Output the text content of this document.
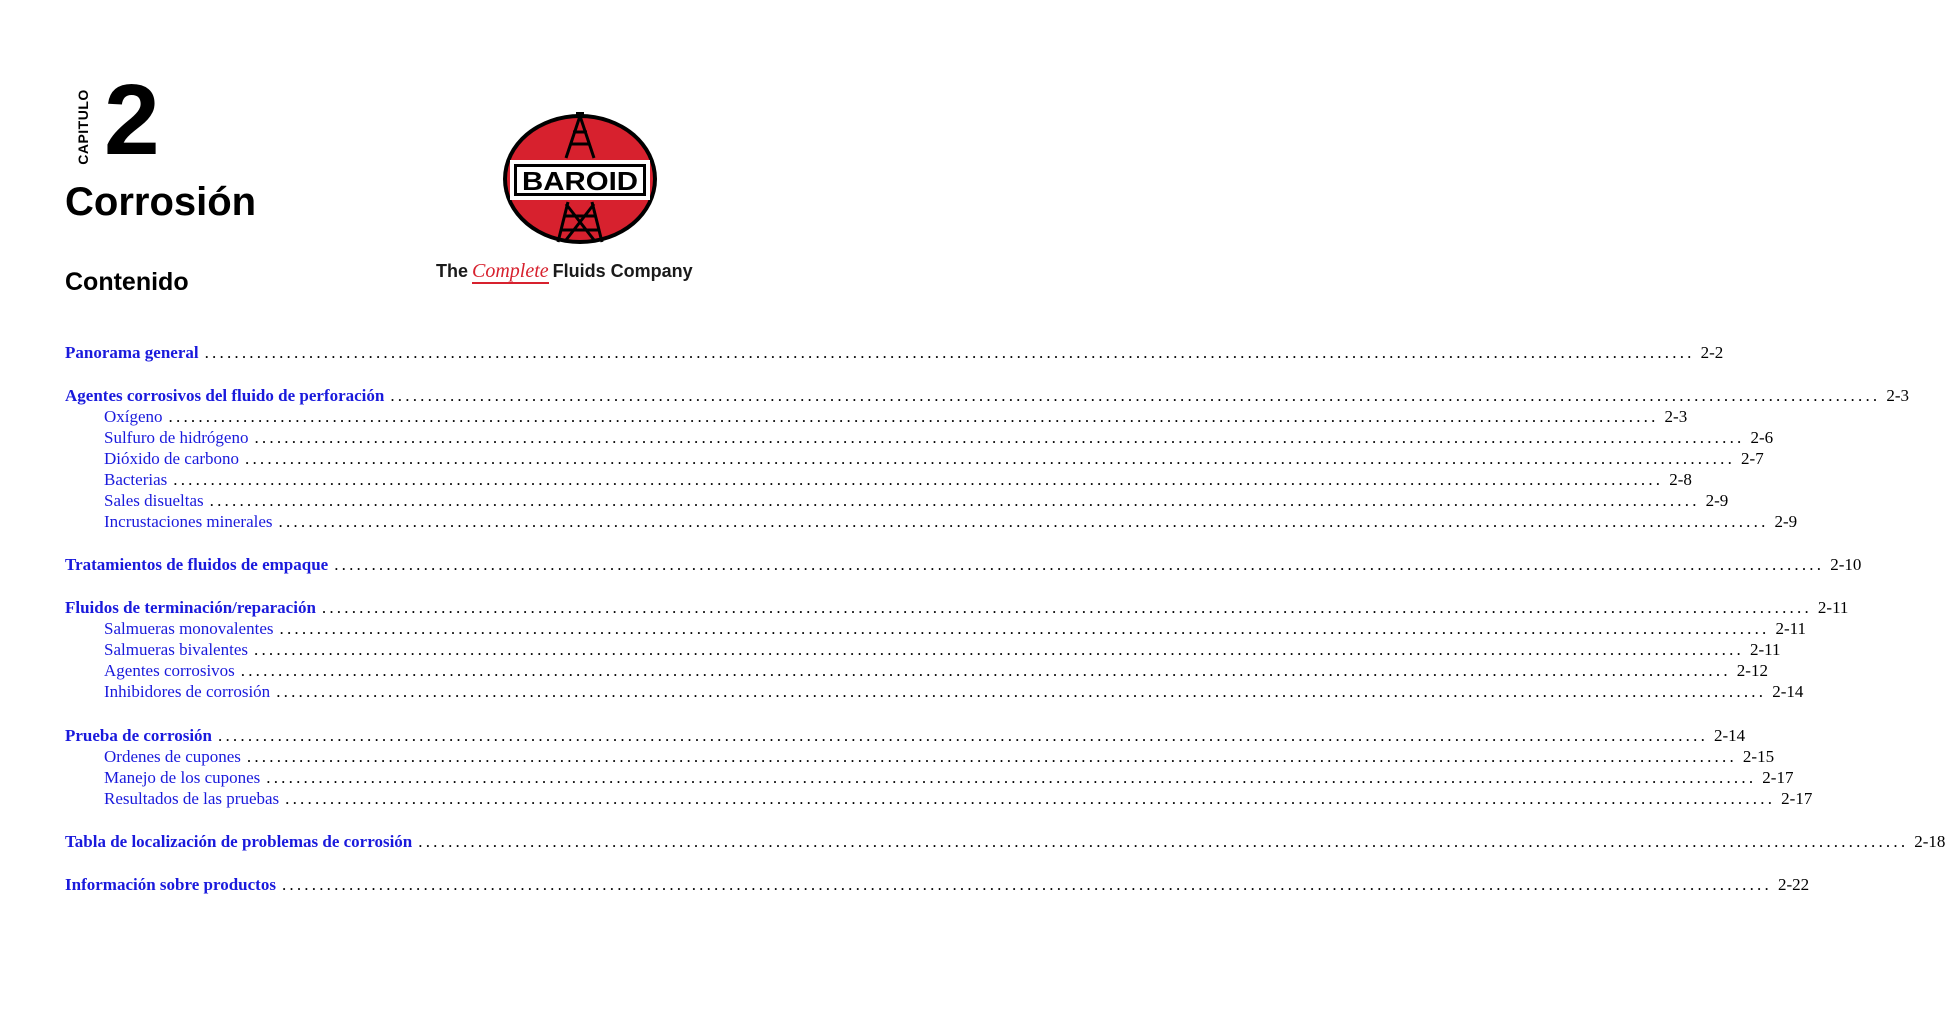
CAPITULO 2
Corrosión
Contenido
BAROID
The Complete Fluids Company
Panorama general ........................................................................................................................................................................................................ 2-2
Agentes corrosivos del fluido de perforación ........................................................................................................................................................................................................ 2-3
Oxígeno ........................................................................................................................................................................................................ 2-3
Sulfuro de hidrógeno ........................................................................................................................................................................................................ 2-6
Dióxido de carbono ........................................................................................................................................................................................................ 2-7
Bacterias ........................................................................................................................................................................................................ 2-8
Sales disueltas ........................................................................................................................................................................................................ 2-9
Incrustaciones minerales ........................................................................................................................................................................................................ 2-9
Tratamientos de fluidos de empaque ........................................................................................................................................................................................................ 2-10
Fluidos de terminación/reparación ........................................................................................................................................................................................................ 2-11
Salmueras monovalentes ........................................................................................................................................................................................................ 2-11
Salmueras bivalentes ........................................................................................................................................................................................................ 2-11
Agentes corrosivos ........................................................................................................................................................................................................ 2-12
Inhibidores de corrosión ........................................................................................................................................................................................................ 2-14
Prueba de corrosión ........................................................................................................................................................................................................ 2-14
Ordenes de cupones ........................................................................................................................................................................................................ 2-15
Manejo de los cupones ........................................................................................................................................................................................................ 2-17
Resultados de las pruebas ........................................................................................................................................................................................................ 2-17
Tabla de localización de problemas de corrosión ........................................................................................................................................................................................................ 2-18
Información sobre productos ........................................................................................................................................................................................................ 2-22
